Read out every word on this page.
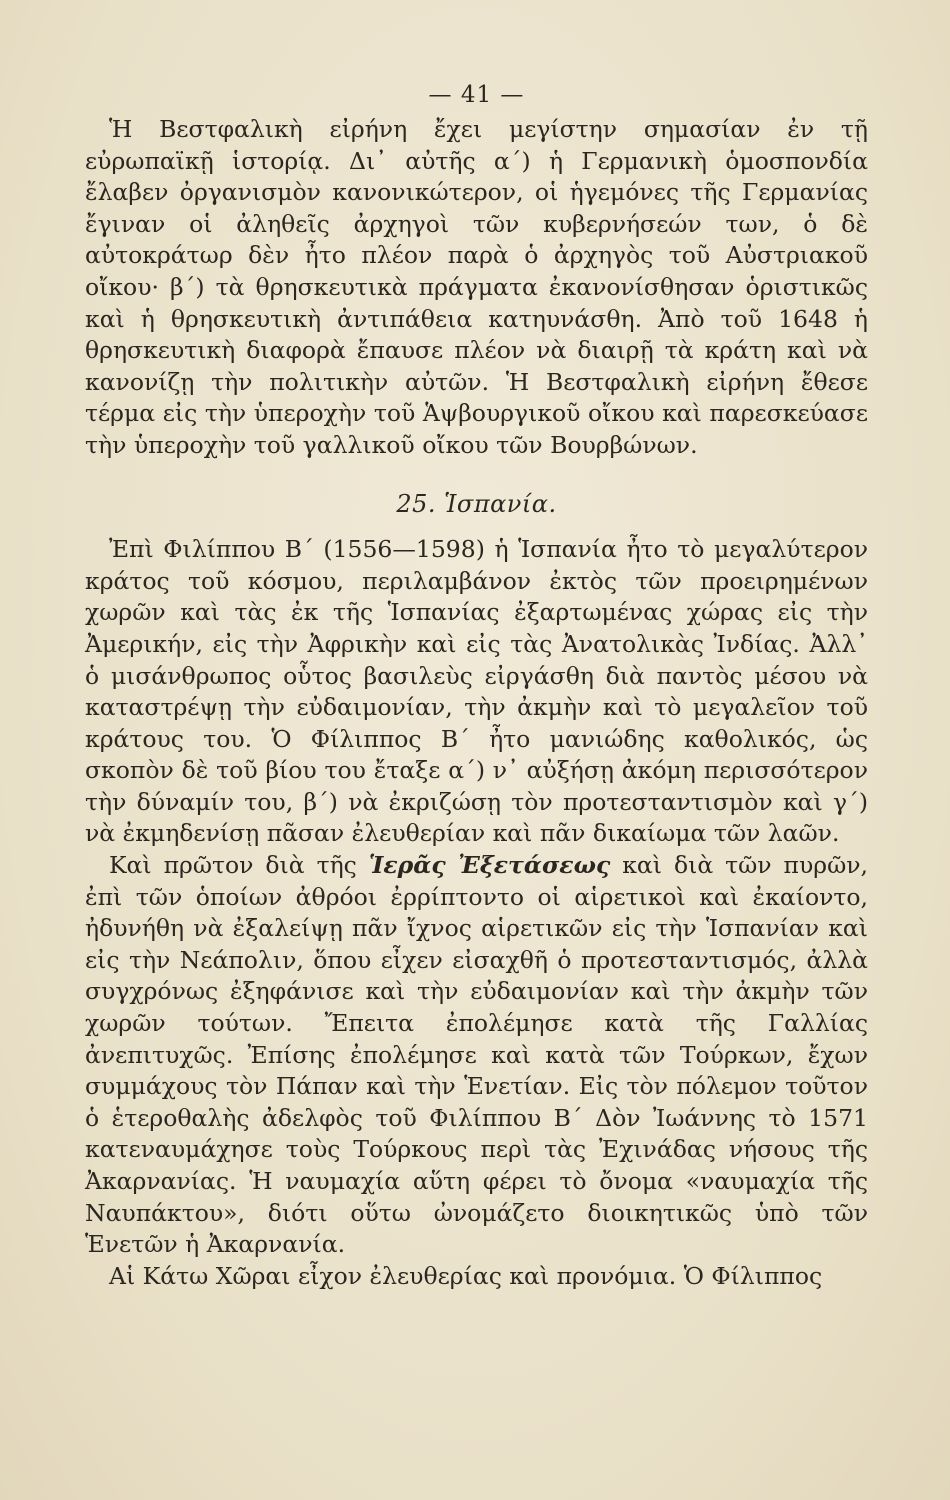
— 41 —

Ἡ Βεστφαλικὴ εἰρήνη ἔχει μεγίστην σημασίαν ἐν τῇ εὐρωπαϊκῇ ἱστορίᾳ. Δι᾽ αὐτῆς α΄) ἡ Γερμανικὴ ὁμοσπονδία ἔλαβεν ὀργανισμὸν κανονικώτερον, οἱ ἡγεμόνες τῆς Γερμανίας ἔγιναν οἱ ἀληθεῖς ἀρχηγοὶ τῶν κυβερνήσεών των, ὁ δὲ αὐτοκράτωρ δὲν ἦτο πλέον παρὰ ὁ ἀρχηγὸς τοῦ Αὐστριακοῦ οἴκου· β΄) τὰ θρησκευτικὰ πράγματα ἐκανονίσθησαν ὁριστικῶς καὶ ἡ θρησκευτικὴ ἀντιπάθεια κατηυνάσθη. Ἀπὸ τοῦ 1648 ἡ θρησκευτικὴ διαφορὰ ἔπαυσε πλέον νὰ διαιρῇ τὰ κράτη καὶ νὰ κανονίζῃ τὴν πολιτικὴν αὐτῶν. Ἡ Βεστφαλικὴ εἰρήνη ἔθεσε τέρμα εἰς τὴν ὑπεροχὴν τοῦ Ἁψβουργικοῦ οἴκου καὶ παρεσκεύασε τὴν ὑπεροχὴν τοῦ γαλλικοῦ οἴκου τῶν Βουρβώνων.

25. Ἱσπανία.

Ἐπὶ Φιλίππου Β΄ (1556—1598) ἡ Ἱσπανία ἦτο τὸ μεγαλύτερον κράτος τοῦ κόσμου, περιλαμβάνον ἐκτὸς τῶν προειρημένων χωρῶν καὶ τὰς ἐκ τῆς Ἱσπανίας ἐξαρτωμένας χώρας εἰς τὴν Ἀμερικήν, εἰς τὴν Ἀφρικὴν καὶ εἰς τὰς Ἀνατολικὰς Ἰνδίας. Ἀλλ᾽ ὁ μισάνθρωπος οὗτος βασιλεὺς εἰργάσθη διὰ παντὸς μέσου νὰ καταστρέψῃ τὴν εὐδαιμονίαν, τὴν ἀκμὴν καὶ τὸ μεγαλεῖον τοῦ κράτους του. Ὁ Φίλιππος Β΄ ἦτο μανιώδης καθολικός, ὡς σκοπὸν δὲ τοῦ βίου του ἔταξε α΄) ν᾽ αὐξήσῃ ἀκόμη περισσότερον τὴν δύναμίν του, β΄) νὰ ἐκριζώσῃ τὸν προτεσταντισμὸν καὶ γ΄) νὰ ἐκμηδενίσῃ πᾶσαν ἐλευθερίαν καὶ πᾶν δικαίωμα τῶν λαῶν.

Καὶ πρῶτον διὰ τῆς Ἱερᾶς Ἐξετάσεως καὶ διὰ τῶν πυρῶν, ἐπὶ τῶν ὁποίων ἀθρόοι ἐρρίπτοντο οἱ αἱρετικοὶ καὶ ἐκαίοντο, ἠδυνήθη νὰ ἐξαλείψῃ πᾶν ἴχνος αἱρετικῶν εἰς τὴν Ἱσπανίαν καὶ εἰς τὴν Νεάπολιν, ὅπου εἶχεν εἰσαχθῆ ὁ προτεσταντισμός, ἀλλὰ συγχρόνως ἐξηφάνισε καὶ τὴν εὐδαιμονίαν καὶ τὴν ἀκμὴν τῶν χωρῶν τούτων. Ἔπειτα ἐπολέμησε κατὰ τῆς Γαλλίας ἀνεπιτυχῶς. Ἐπίσης ἐπολέμησε καὶ κατὰ τῶν Τούρκων, ἔχων συμμάχους τὸν Πάπαν καὶ τὴν Ἑνετίαν. Εἰς τὸν πόλεμον τοῦτον ὁ ἑτεροθαλὴς ἀδελφὸς τοῦ Φιλίππου Β΄ Δὸν Ἰωάννης τὸ 1571 κατεναυμάχησε τοὺς Τούρκους περὶ τὰς Ἐχινάδας νήσους τῆς Ἀκαρνανίας. Ἡ ναυμαχία αὕτη φέρει τὸ ὄνομα «ναυμαχία τῆς Ναυπάκτου», διότι οὕτω ὠνομάζετο διοικητικῶς ὑπὸ τῶν Ἑνετῶν ἡ Ἀκαρνανία.

Αἱ Κάτω Χῶραι εἶχον ἐλευθερίας καὶ προνόμια. Ὁ Φίλιππος
